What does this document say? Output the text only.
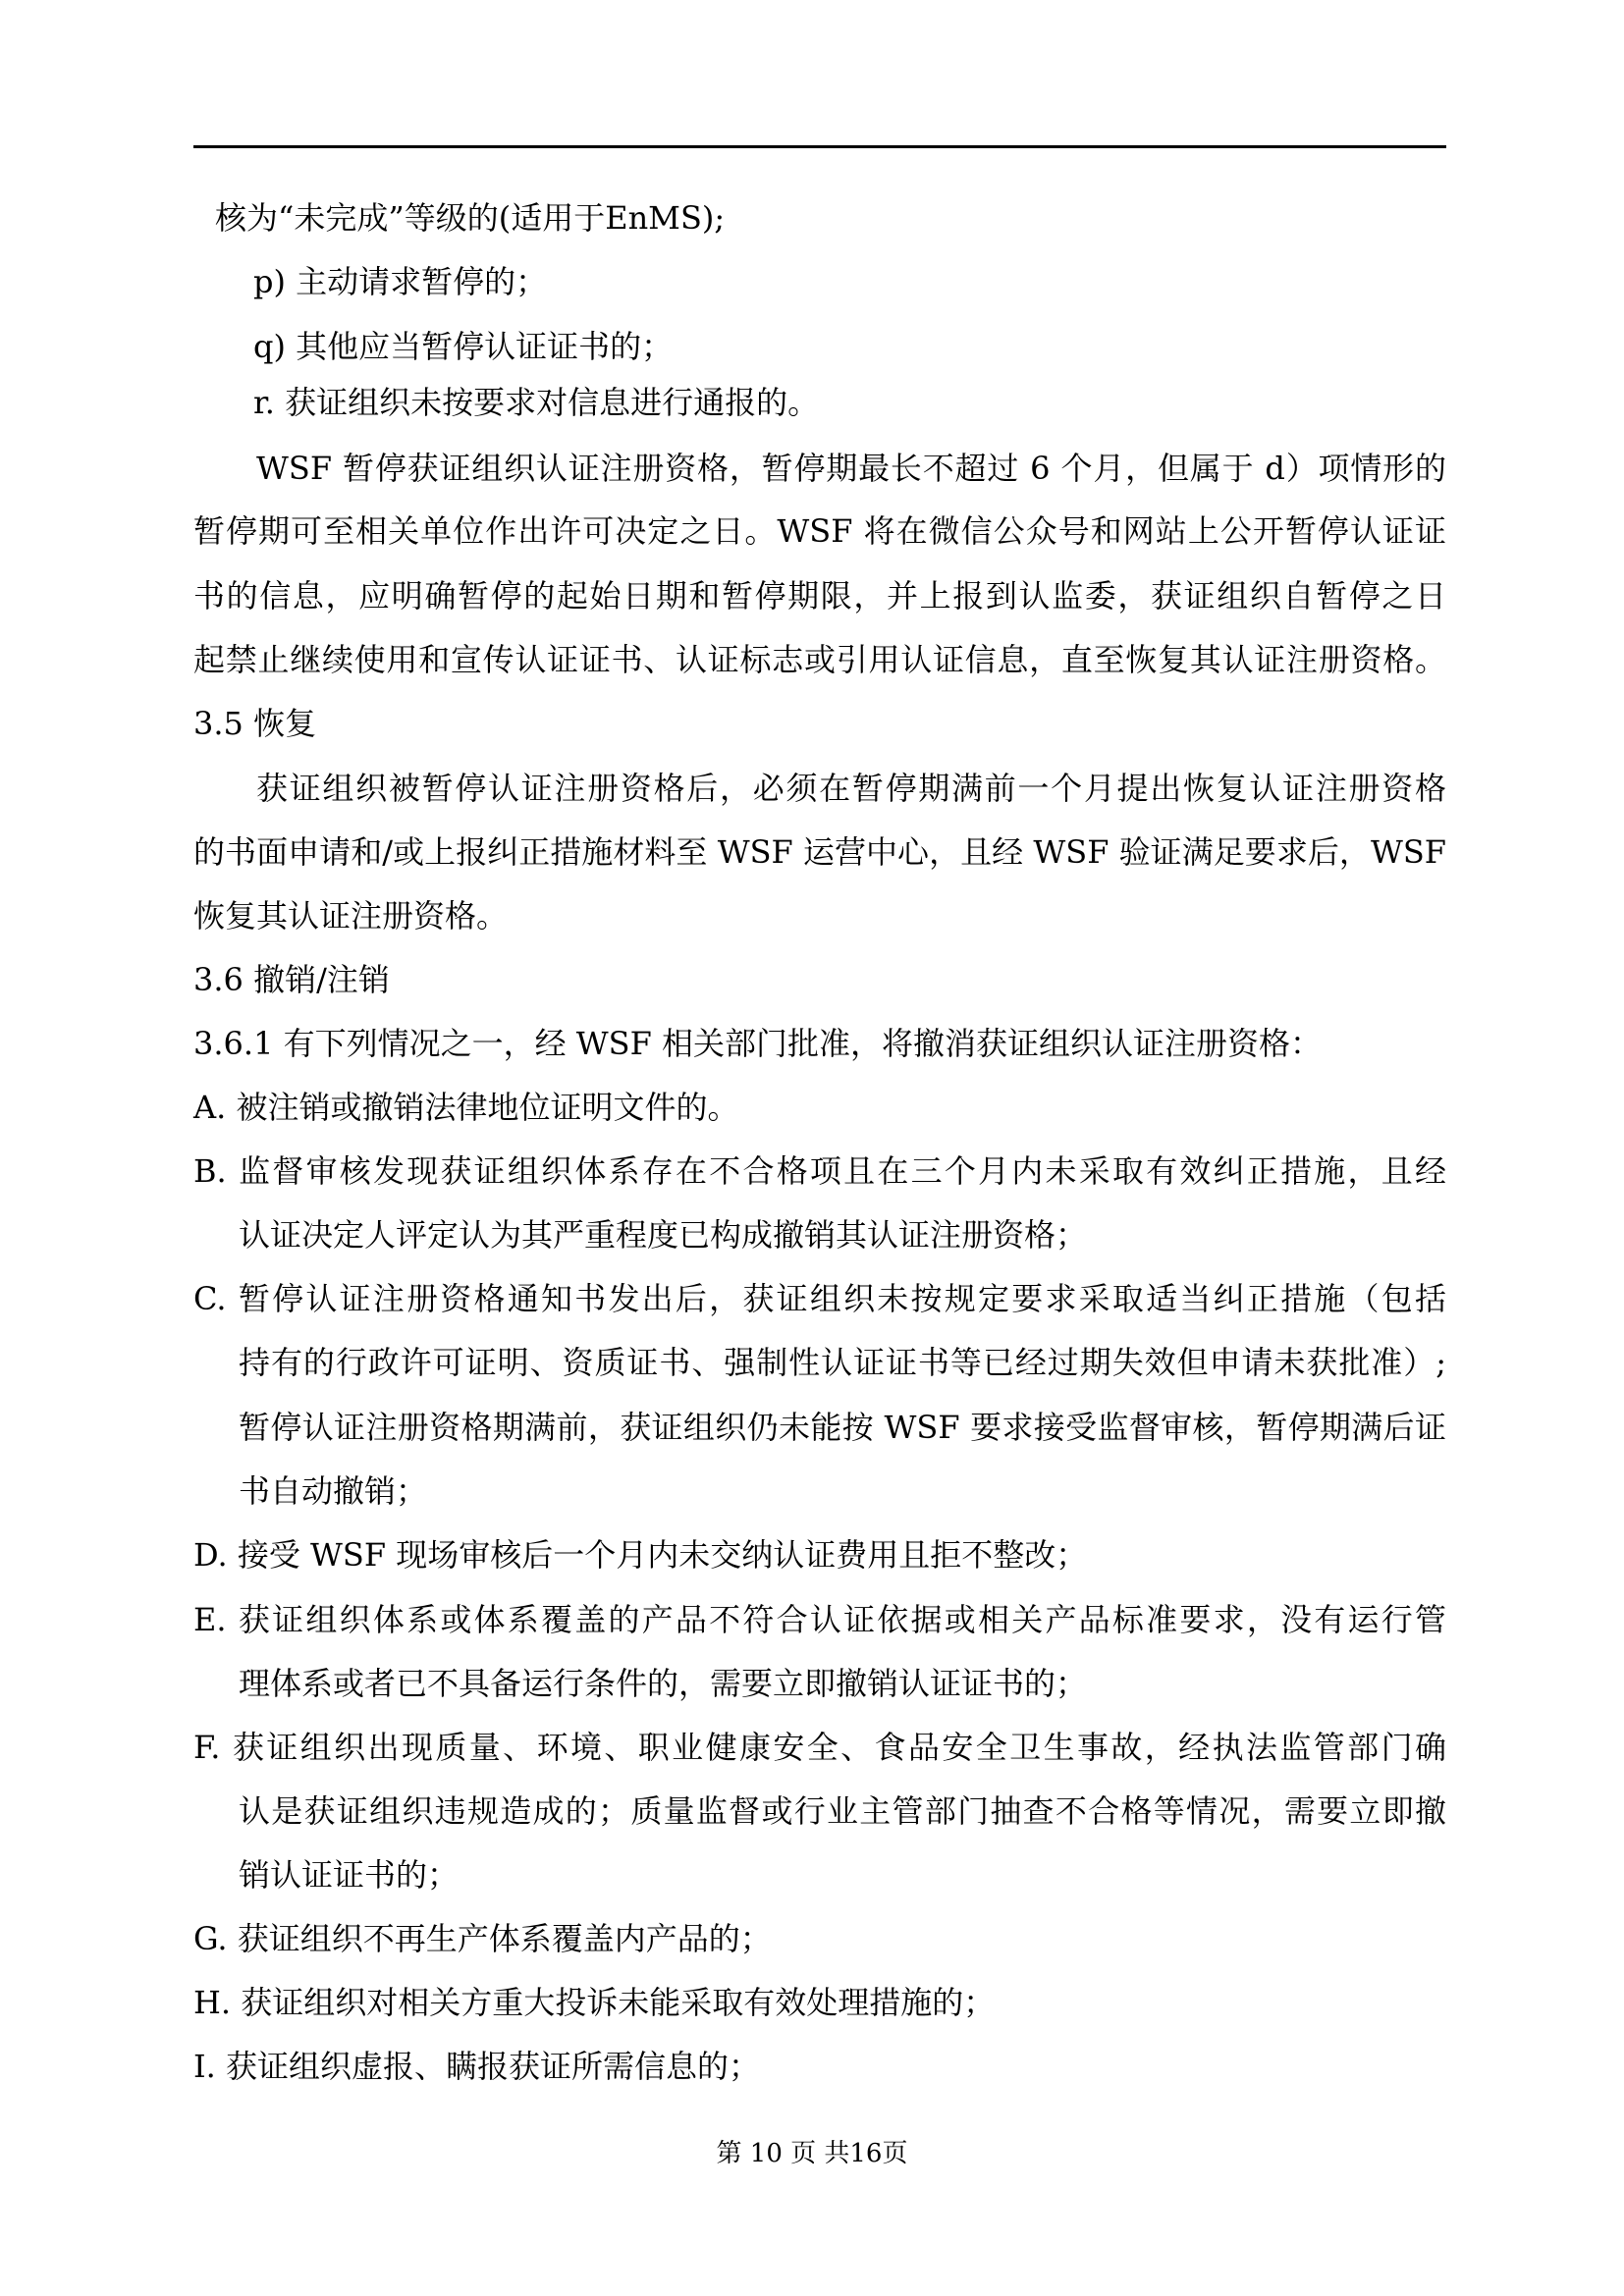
核为“未完成”等级的(适用于EnMS);
p) 主动请求暂停的；
q) 其他应当暂停认证证书的；
r. 获证组织未按要求对信息进行通报的。
WSF 暂停获证组织认证注册资格，暂停期最长不超过 6 个月，但属于 d）项情形的
暂停期可至相关单位作出许可决定之日。WSF 将在微信公众号和网站上公开暂停认证证
书的信息，应明确暂停的起始日期和暂停期限，并上报到认监委，获证组织自暂停之日
起禁止继续使用和宣传认证证书、认证标志或引用认证信息，直至恢复其认证注册资格。
3.5 恢复
获证组织被暂停认证注册资格后，必须在暂停期满前一个月提出恢复认证注册资格
的书面申请和/或上报纠正措施材料至 WSF 运营中心，且经 WSF 验证满足要求后，WSF
恢复其认证注册资格。
3.6 撤销/注销
3.6.1 有下列情况之一，经 WSF 相关部门批准，将撤消获证组织认证注册资格：
A. 被注销或撤销法律地位证明文件的。
B. 监督审核发现获证组织体系存在不合格项且在三个月内未采取有效纠正措施，且经
认证决定人评定认为其严重程度已构成撤销其认证注册资格；
C. 暂停认证注册资格通知书发出后，获证组织未按规定要求采取适当纠正措施（包括
持有的行政许可证明、资质证书、强制性认证证书等已经过期失效但申请未获批准）;
暂停认证注册资格期满前，获证组织仍未能按 WSF 要求接受监督审核，暂停期满后证
书自动撤销；
D. 接受 WSF 现场审核后一个月内未交纳认证费用且拒不整改；
E. 获证组织体系或体系覆盖的产品不符合认证依据或相关产品标准要求，没有运行管
理体系或者已不具备运行条件的，需要立即撤销认证证书的；
F. 获证组织出现质量、环境、职业健康安全、食品安全卫生事故，经执法监管部门确
认是获证组织违规造成的；质量监督或行业主管部门抽查不合格等情况，需要立即撤
销认证证书的；
G. 获证组织不再生产体系覆盖内产品的；
H. 获证组织对相关方重大投诉未能采取有效处理措施的；
I. 获证组织虚报、瞒报获证所需信息的；
第 10 页 共16页
